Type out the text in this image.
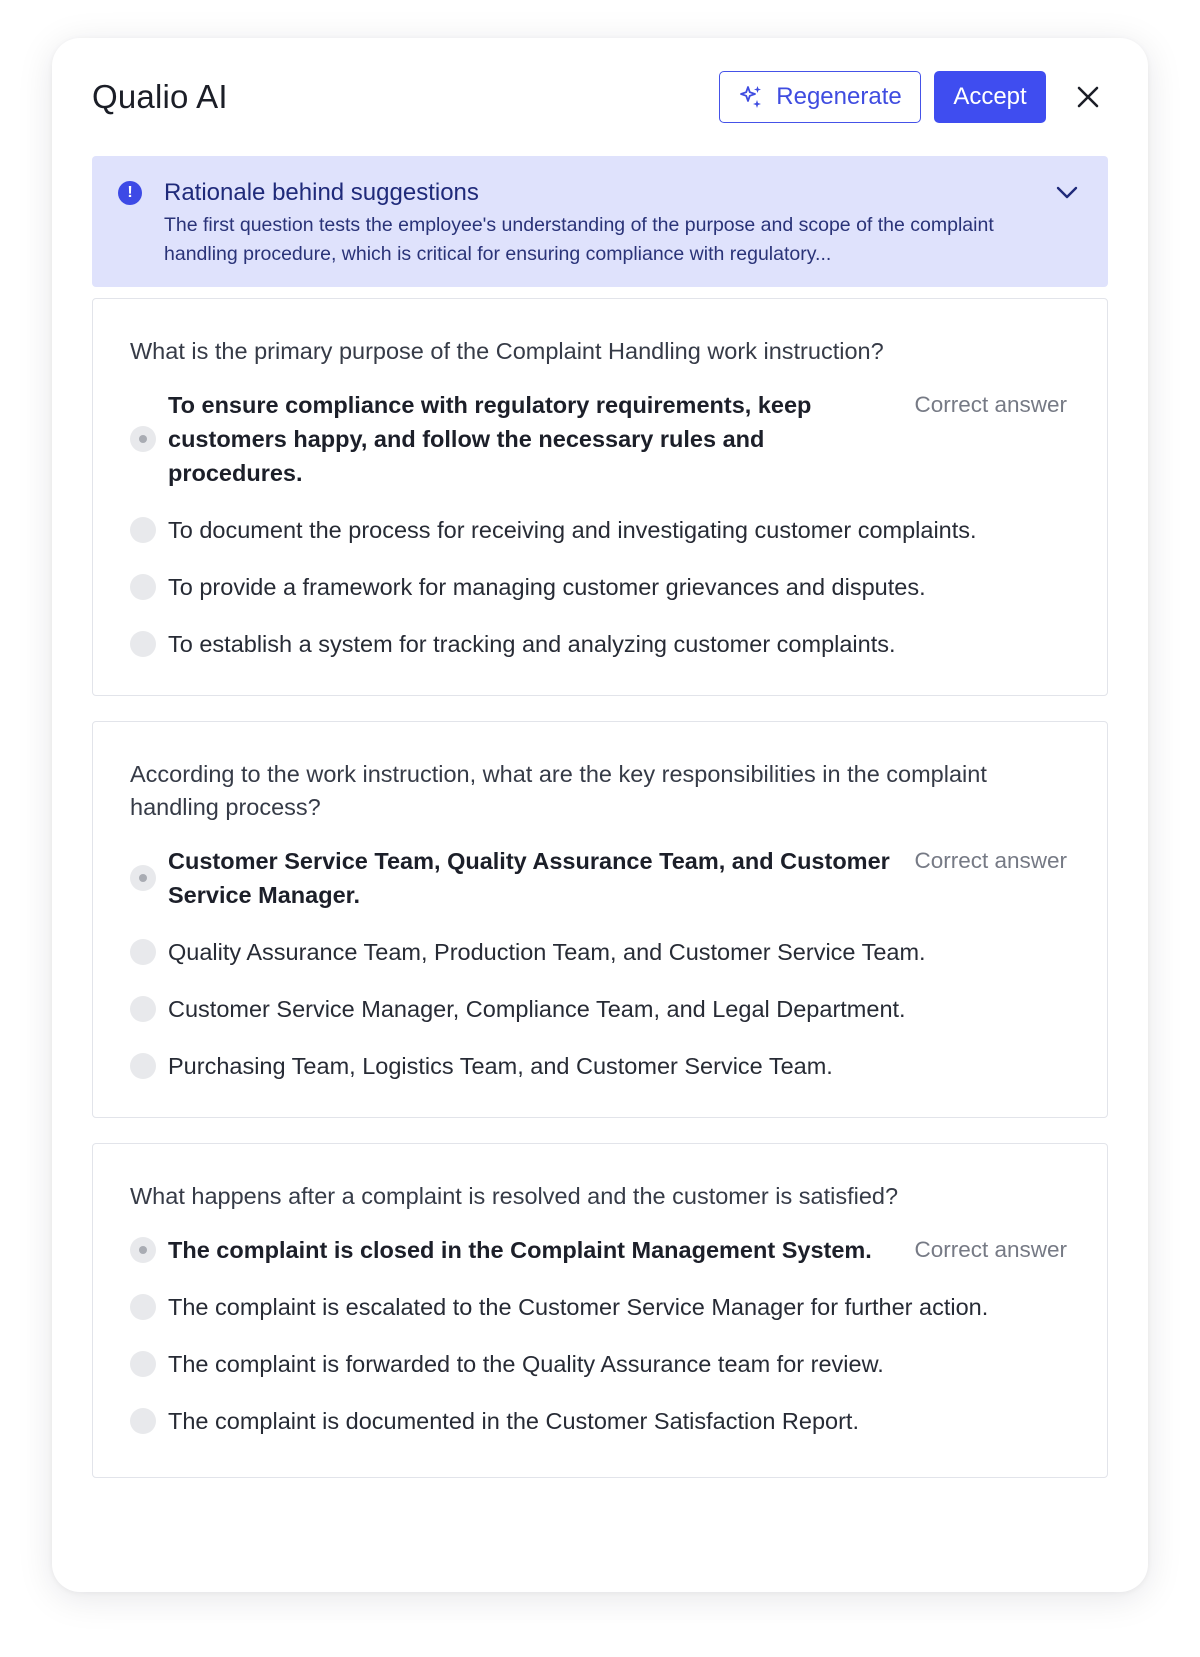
Qualio AI	Regenerate	Accept
!	Rationale behind suggestions
The first question tests the employee's understanding of the purpose and scope of the complaint handling procedure, which is critical for ensuring compliance with regulatory...
What is the primary purpose of the Complaint Handling work instruction?
To ensure compliance with regulatory requirements, keep customers happy, and follow the necessary rules and procedures.
Correct answer
To document the process for receiving and investigating customer complaints.
To provide a framework for managing customer grievances and disputes.
To establish a system for tracking and analyzing customer complaints.
According to the work instruction, what are the key responsibilities in the complaint handling process?
Customer Service Team, Quality Assurance Team, and Customer Service Manager.
Correct answer
Quality Assurance Team, Production Team, and Customer Service Team.
Customer Service Manager, Compliance Team, and Legal Department.
Purchasing Team, Logistics Team, and Customer Service Team.
What happens after a complaint is resolved and the customer is satisfied?
The complaint is closed in the Complaint Management System.	Correct answer
The complaint is escalated to the Customer Service Manager for further action.
The complaint is forwarded to the Quality Assurance team for review.
The complaint is documented in the Customer Satisfaction Report.
